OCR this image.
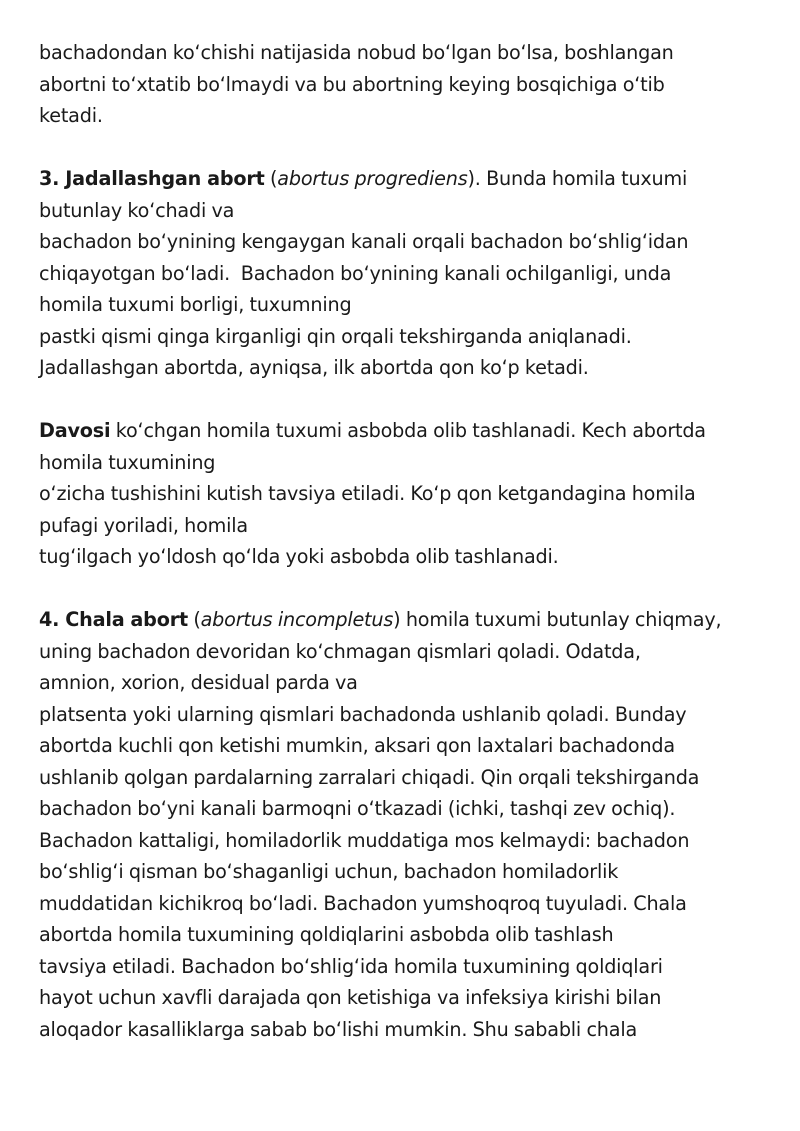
bachadondan ko‘chishi natijasida nobud bo‘lgan bo‘lsa, boshlangan
abortni to‘xtatib bo‘lmaydi va bu abortning keying bosqichiga o‘tib
ketadi.
3. Jadallashgan abort (abortus progrediens). Bunda homila tuxumi
butunlay ko‘chadi va
bachadon bo‘ynining kengaygan kanali orqali bachadon bo‘shlig‘idan
chiqayotgan bo‘ladi.  Bachadon bo‘ynining kanali ochilganligi, unda
homila tuxumi borligi, tuxumning
pastki qismi qinga kirganligi qin orqali tekshirganda aniqlanadi.
Jadallashgan abortda, ayniqsa, ilk abortda qon ko‘p ketadi.
Davosi ko‘chgan homila tuxumi asbobda olib tashlanadi. Kech abortda
homila tuxumining
o‘zicha tushishini kutish tavsiya etiladi. Ko‘p qon ketgandagina homila
pufagi yoriladi, homila
tug‘ilgach yo‘ldosh qo‘lda yoki asbobda olib tashlanadi.
4. Chala abort (abortus incompletus) homila tuxumi butunlay chiqmay,
uning bachadon devoridan ko‘chmagan qismlari qoladi. Odatda,
amnion, xorion, desidual parda va
platsenta yoki ularning qismlari bachadonda ushlanib qoladi. Bunday
abortda kuchli qon ketishi mumkin, aksari qon laxtalari bachadonda
ushlanib qolgan pardalarning zarralari chiqadi. Qin orqali tekshirganda
bachadon bo‘yni kanali barmoqni o‘tkazadi (ichki, tashqi zev ochiq).
Bachadon kattaligi, homiladorlik muddatiga mos kelmaydi: bachadon
bo‘shlig‘i qisman bo‘shaganligi uchun, bachadon homiladorlik
muddatidan kichikroq bo‘ladi. Bachadon yumshoqroq tuyuladi. Chala
abortda homila tuxumining qoldiqlarini asbobda olib tashlash
tavsiya etiladi. Bachadon bo‘shlig‘ida homila tuxumining qoldiqlari
hayot uchun xavfli darajada qon ketishiga va infeksiya kirishi bilan
aloqador kasalliklarga sabab bo‘lishi mumkin. Shu sababli chala
